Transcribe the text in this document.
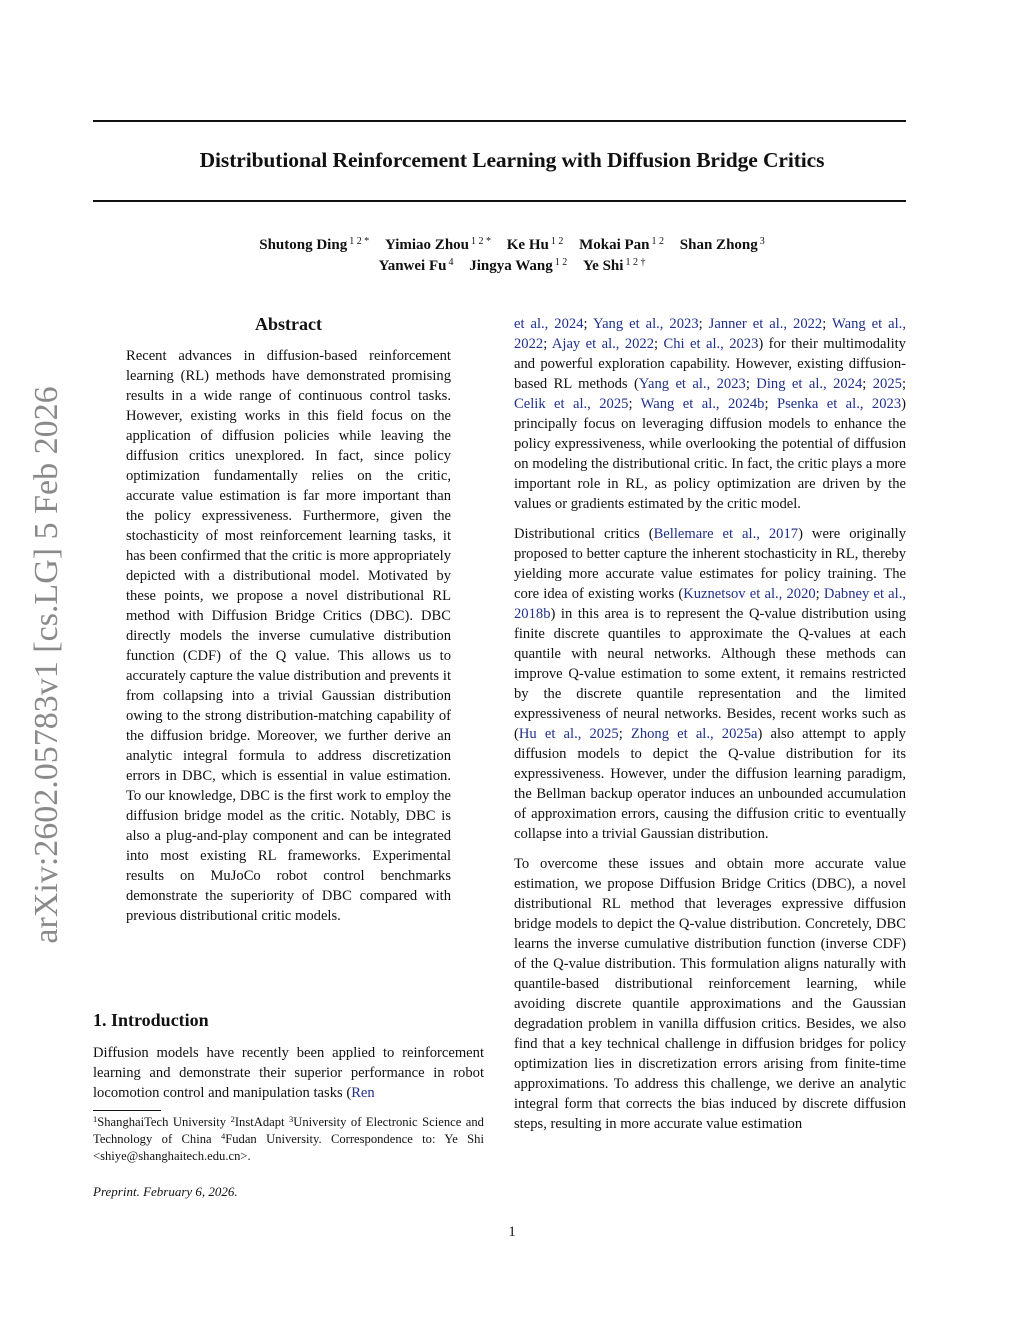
Distributional Reinforcement Learning with Diffusion Bridge Critics
Shutong Ding $^{1 2 *}$ Yimiao Zhou $^{1 2 *}$ Ke Hu $^{1 2}$ Mokai Pan $^{1 2}$ Shan Zhong $^3$
Yanwei Fu $^4$ Jingya Wang $^{1 2}$ Ye Shi $^{1 2 \dagger}$
arXiv:2602.05783v1 [cs.LG] 5 Feb 2026
Abstract

Recent advances in diffusion-based reinforcement learning (RL) methods have demonstrated promising results in a wide range of continuous control tasks. However, existing works in this field focus on the application of diffusion policies while leaving the diffusion critics unexplored. In fact, since policy optimization fundamentally relies on the critic, accurate value estimation is far more important than the policy expressiveness. Furthermore, given the stochasticity of most reinforcement learning tasks, it has been confirmed that the critic is more appropriately depicted with a distributional model. Motivated by these points, we propose a novel distributional RL method with Diffusion Bridge Critics (DBC). DBC directly models the inverse cumulative distribution function (CDF) of the Q value. This allows us to accurately capture the value distribution and prevents it from collapsing into a trivial Gaussian distribution owing to the strong distribution-matching capability of the diffusion bridge. Moreover, we further derive an analytic integral formula to address discretization errors in DBC, which is essential in value estimation. To our knowledge, DBC is the first work to employ the diffusion bridge model as the critic. Notably, DBC is also a plug-and-play component and can be integrated into most existing RL frameworks. Experimental results on MuJoCo robot control benchmarks demonstrate the superiority of DBC compared with previous distributional critic models.

1. Introduction

Diffusion models have recently been applied to reinforcement learning and demonstrate their superior performance in robot locomotion control and manipulation tasks (Ren

$^1$ShanghaiTech University $^2$InstAdapt $^3$University of Electronic Science and Technology of China $^4$Fudan University. Correspondence to: Ye Shi <shiye@shanghaitech.edu.cn>.

Preprint. February 6, 2026.

et al., 2024; Yang et al., 2023; Janner et al., 2022; Wang et al., 2022; Ajay et al., 2022; Chi et al., 2023) for their multimodality and powerful exploration capability. However, existing diffusion-based RL methods (Yang et al., 2023; Ding et al., 2024; 2025; Celik et al., 2025; Wang et al., 2024b; Psenka et al., 2023) principally focus on leveraging diffusion models to enhance the policy expressiveness, while overlooking the potential of diffusion on modeling the distributional critic. In fact, the critic plays a more important role in RL, as policy optimization are driven by the values or gradients estimated by the critic model.

Distributional critics (Bellemare et al., 2017) were originally proposed to better capture the inherent stochasticity in RL, thereby yielding more accurate value estimates for policy training. The core idea of existing works (Kuznetsov et al., 2020; Dabney et al., 2018b) in this area is to represent the Q-value distribution using finite discrete quantiles to approximate the Q-values at each quantile with neural networks. Although these methods can improve Q-value estimation to some extent, it remains restricted by the discrete quantile representation and the limited expressiveness of neural networks. Besides, recent works such as (Hu et al., 2025; Zhong et al., 2025a) also attempt to apply diffusion models to depict the Q-value distribution for its expressiveness. However, under the diffusion learning paradigm, the Bellman backup operator induces an unbounded accumulation of approximation errors, causing the diffusion critic to eventually collapse into a trivial Gaussian distribution.

To overcome these issues and obtain more accurate value estimation, we propose Diffusion Bridge Critics (DBC), a novel distributional RL method that leverages expressive diffusion bridge models to depict the Q-value distribution. Concretely, DBC learns the inverse cumulative distribution function (inverse CDF) of the Q-value distribution. This formulation aligns naturally with quantile-based distributional reinforcement learning, while avoiding discrete quantile approximations and the Gaussian degradation problem in vanilla diffusion critics. Besides, we also find that a key technical challenge in diffusion bridges for policy optimization lies in discretization errors arising from finite-time approximations. To address this challenge, we derive an analytic integral form that corrects the bias induced by discrete diffusion steps, resulting in more accurate value estimation

1
